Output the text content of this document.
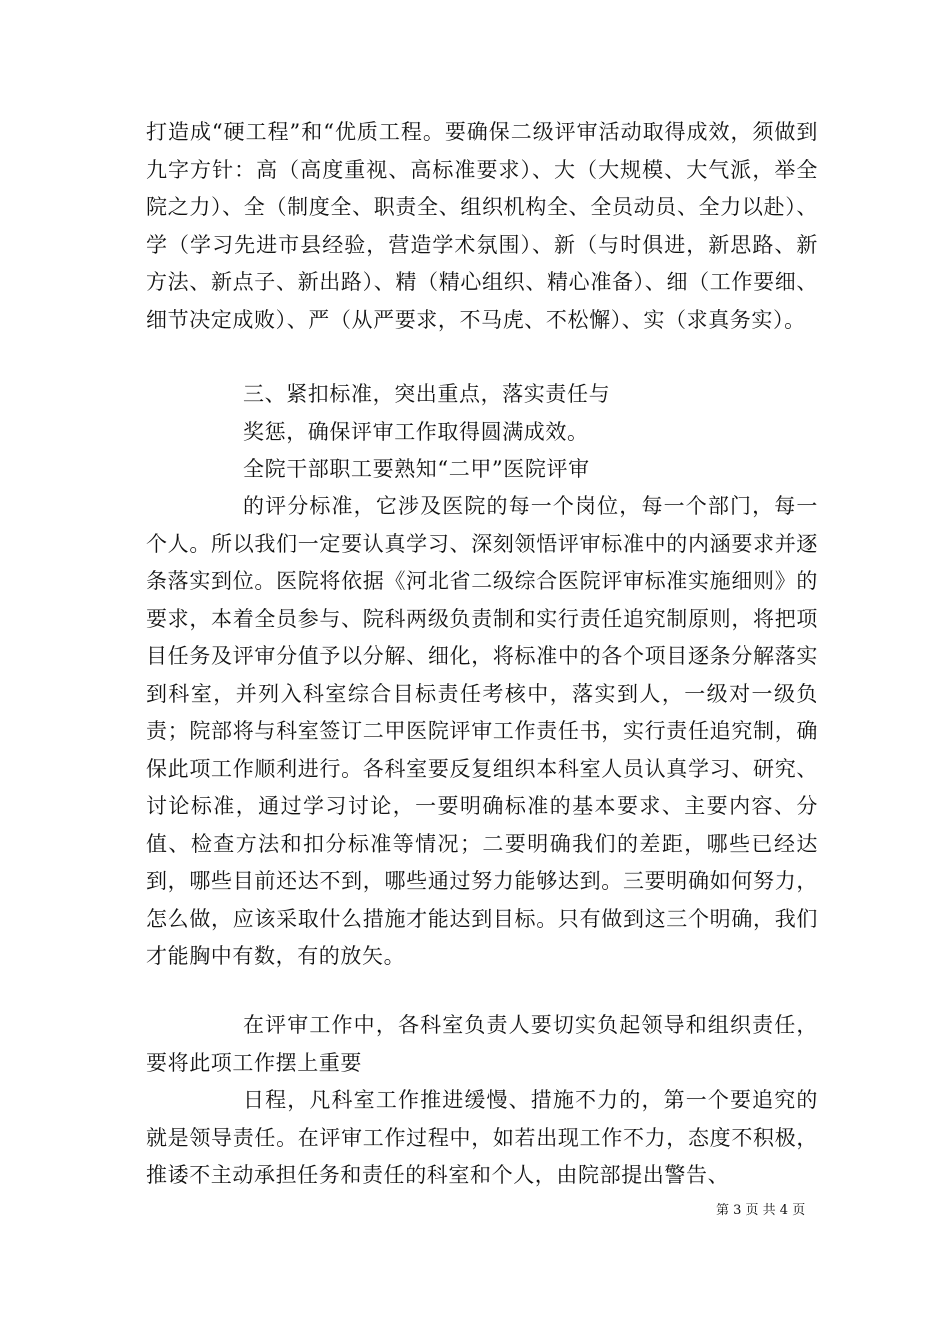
打造成“硬工程”和“优质工程。要确保二级评审活动取得成效，须做到九字方针：高（高度重视、高标准要求）、大（大规模、大气派，举全院之力）、全（制度全、职责全、组织机构全、全员动员、全力以赴）、学（学习先进市县经验，营造学术氛围）、新（与时俱进，新思路、新方法、新点子、新出路）、精（精心组织、精心准备）、细（工作要细、细节决定成败）、严（从严要求，不马虎、不松懈）、实（求真务实）。

三、紧扣标准，突出重点，落实责任与

奖惩，确保评审工作取得圆满成效。

全院干部职工要熟知“二甲”医院评审

的评分标准，它涉及医院的每一个岗位，每一个部门，每一个人。所以我们一定要认真学习、深刻领悟评审标准中的内涵要求并逐条落实到位。医院将依据《河北省二级综合医院评审标准实施细则》的要求，本着全员参与、院科两级负责制和实行责任追究制原则，将把项目任务及评审分值予以分解、细化，将标准中的各个项目逐条分解落实到科室，并列入科室综合目标责任考核中，落实到人，一级对一级负责；院部将与科室签订二甲医院评审工作责任书，实行责任追究制，确保此项工作顺利进行。各科室要反复组织本科室人员认真学习、研究、讨论标准，通过学习讨论，一要明确标准的基本要求、主要内容、分值、检查方法和扣分标准等情况；二要明确我们的差距，哪些已经达到，哪些目前还达不到，哪些通过努力能够达到。三要明确如何努力，怎么做，应该采取什么措施才能达到目标。只有做到这三个明确，我们才能胸中有数，有的放矢。

在评审工作中，各科室负责人要切实负起领导和组织责任，要将此项工作摆上重要

日程，凡科室工作推进缓慢、措施不力的，第一个要追究的就是领导责任。在评审工作过程中，如若出现工作不力，态度不积极，推诿不主动承担任务和责任的科室和个人，由院部提出警告、

第 3 页 共 4 页
